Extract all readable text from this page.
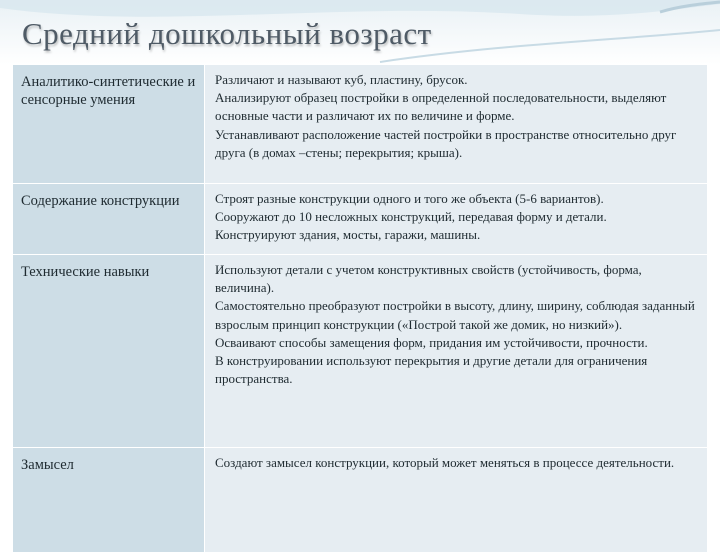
Средний дошкольный возраст
Аналитико-синтетические и сенсорные умения	Различают и называют куб, пластину, брусок.
Анализируют образец постройки в определенной последовательности, выделяют основные части и различают их по величине и форме.
Устанавливают расположение частей постройки в пространстве относительно друг друга (в домах –стены; перекрытия; крыша).

Содержание конструкции	Строят разные конструкции одного и того же объекта (5-6 вариантов).
Сооружают до 10 несложных конструкций, передавая форму и детали.
Конструируют здания, мосты, гаражи, машины.

Технические навыки	Используют детали с учетом конструктивных свойств (устойчивость, форма, величина).
Самостоятельно преобразуют постройки в высоту, длину, ширину, соблюдая заданный взрослым принцип конструкции («Построй такой же домик, но низкий»).
Осваивают способы замещения форм, придания им устойчивости, прочности.
В конструировании используют перекрытия и другие детали для ограничения пространства.

Замысел	Создают замысел конструкции, который может меняться в процессе деятельности.
